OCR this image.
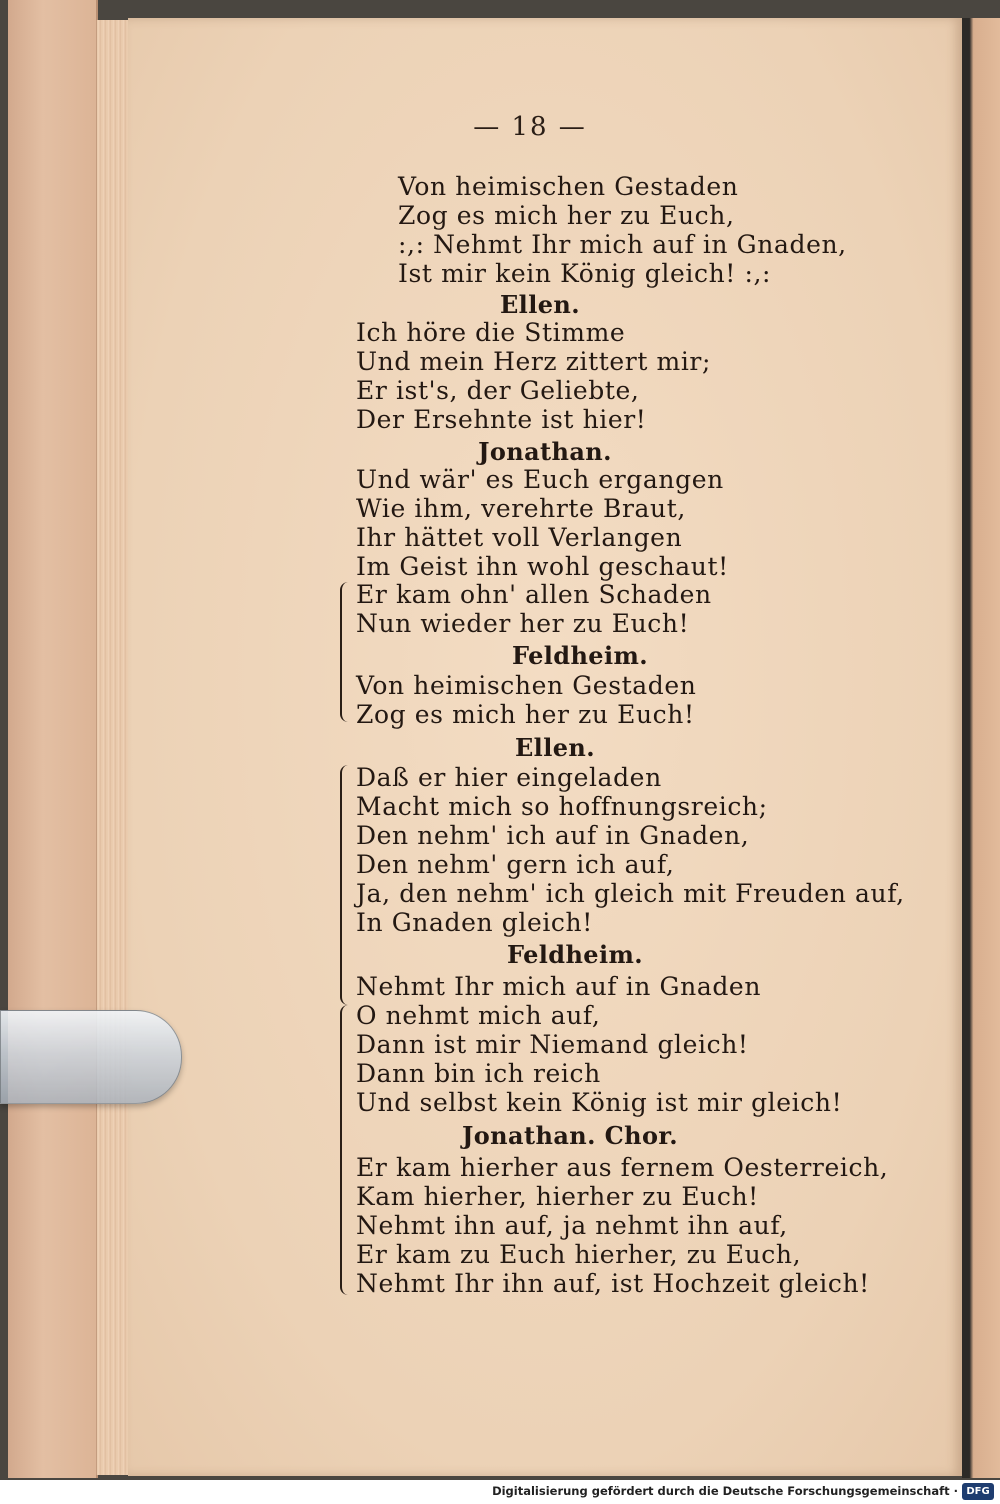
— 18 —
Von heimischen Gestaden
Zog es mich her zu Euch,
:,: Nehmt Ihr mich auf in Gnaden,
Ist mir kein König gleich! :,:
Ellen.
Ich höre die Stimme
Und mein Herz zittert mir;
Er ist's, der Geliebte,
Der Ersehnte ist hier!
Jonathan.
Und wär' es Euch ergangen
Wie ihm, verehrte Braut,
Ihr hättet voll Verlangen
Im Geist ihn wohl geschaut!
Er kam ohn' allen Schaden
Nun wieder her zu Euch!
Feldheim.
Von heimischen Gestaden
Zog es mich her zu Euch!
Ellen.
Daß er hier eingeladen
Macht mich so hoffnungsreich;
Den nehm' ich auf in Gnaden,
Den nehm' gern ich auf,
Ja, den nehm' ich gleich mit Freuden auf,
In Gnaden gleich!
Feldheim.
Nehmt Ihr mich auf in Gnaden
O nehmt mich auf,
Dann ist mir Niemand gleich!
Dann bin ich reich
Und selbst kein König ist mir gleich!
Jonathan. Chor.
Er kam hierher aus fernem Oesterreich,
Kam hierher, hierher zu Euch!
Nehmt ihn auf, ja nehmt ihn auf,
Er kam zu Euch hierher, zu Euch,
Nehmt Ihr ihn auf, ist Hochzeit gleich!
Digitalisierung gefördert durch die Deutsche Forschungsgemeinschaft · DFG
